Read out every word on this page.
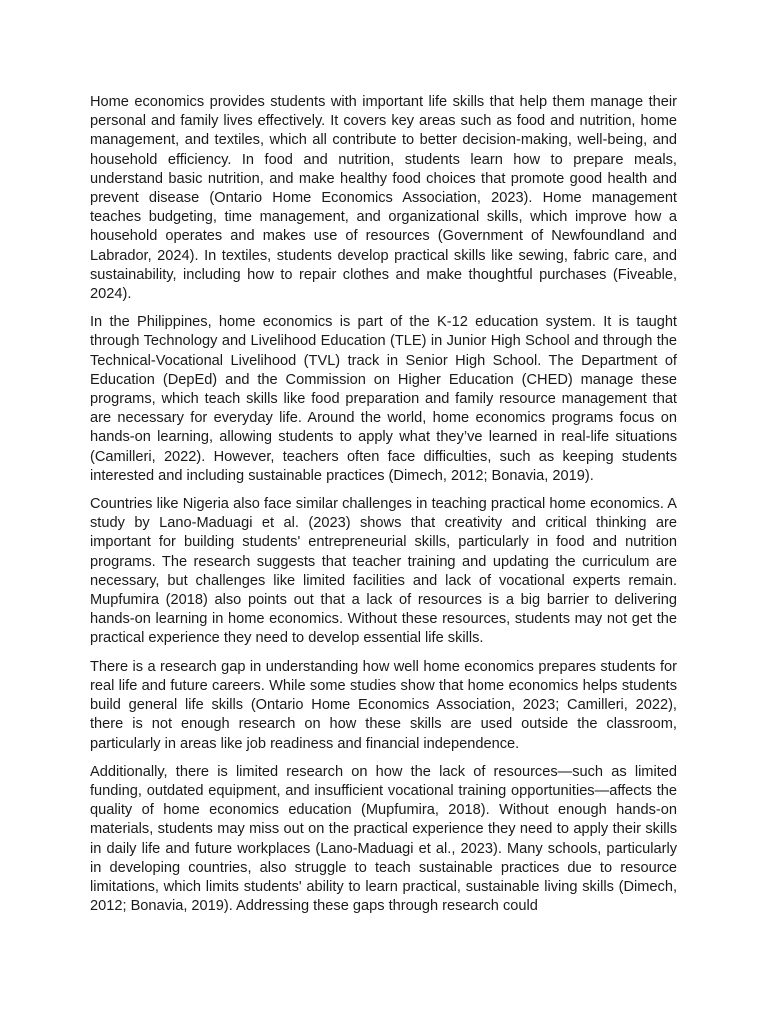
Home economics provides students with important life skills that help them manage their personal and family lives effectively. It covers key areas such as food and nutrition, home management, and textiles, which all contribute to better decision-making, well-being, and household efficiency. In food and nutrition, students learn how to prepare meals, understand basic nutrition, and make healthy food choices that promote good health and prevent disease (Ontario Home Economics Association, 2023). Home management teaches budgeting, time management, and organizational skills, which improve how a household operates and makes use of resources (Government of Newfoundland and Labrador, 2024). In textiles, students develop practical skills like sewing, fabric care, and sustainability, including how to repair clothes and make thoughtful purchases (Fiveable, 2024).

In the Philippines, home economics is part of the K-12 education system. It is taught through Technology and Livelihood Education (TLE) in Junior High School and through the Technical-Vocational Livelihood (TVL) track in Senior High School. The Department of Education (DepEd) and the Commission on Higher Education (CHED) manage these programs, which teach skills like food preparation and family resource management that are necessary for everyday life. Around the world, home economics programs focus on hands-on learning, allowing students to apply what they’ve learned in real-life situations (Camilleri, 2022). However, teachers often face difficulties, such as keeping students interested and including sustainable practices (Dimech, 2012; Bonavia, 2019).

Countries like Nigeria also face similar challenges in teaching practical home economics. A study by Lano-Maduagi et al. (2023) shows that creativity and critical thinking are important for building students' entrepreneurial skills, particularly in food and nutrition programs. The research suggests that teacher training and updating the curriculum are necessary, but challenges like limited facilities and lack of vocational experts remain. Mupfumira (2018) also points out that a lack of resources is a big barrier to delivering hands-on learning in home economics. Without these resources, students may not get the practical experience they need to develop essential life skills.

There is a research gap in understanding how well home economics prepares students for real life and future careers. While some studies show that home economics helps students build general life skills (Ontario Home Economics Association, 2023; Camilleri, 2022), there is not enough research on how these skills are used outside the classroom, particularly in areas like job readiness and financial independence.

Additionally, there is limited research on how the lack of resources—such as limited funding, outdated equipment, and insufficient vocational training opportunities—affects the quality of home economics education (Mupfumira, 2018). Without enough hands-on materials, students may miss out on the practical experience they need to apply their skills in daily life and future workplaces (Lano-Maduagi et al., 2023). Many schools, particularly in developing countries, also struggle to teach sustainable practices due to resource limitations, which limits students' ability to learn practical, sustainable living skills (Dimech, 2012; Bonavia, 2019). Addressing these gaps through research could
